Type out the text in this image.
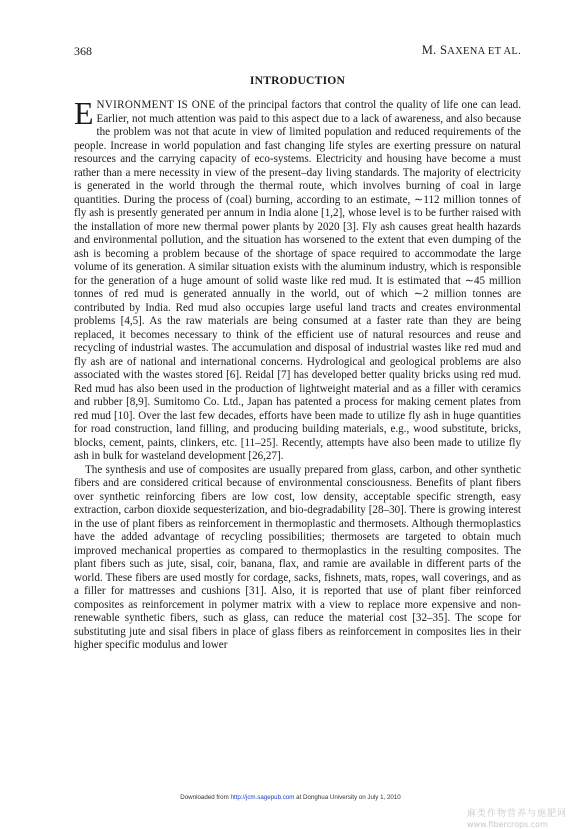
368	M. SAXENA ET AL.
INTRODUCTION

ENVIRONMENT IS ONE of the principal factors that control the quality of life one can lead. Earlier, not much attention was paid to this aspect due to a lack of awareness, and also because the problem was not that acute in view of limited population and reduced requirements of the people. Increase in world population and fast changing life styles are exerting pressure on natural resources and the carrying capacity of eco-systems. Electricity and housing have become a must rather than a mere necessity in view of the present–day living standards. The majority of electricity is generated in the world through the thermal route, which involves burning of coal in large quantities. During the process of (coal) burning, according to an estimate, ∼112 million tonnes of fly ash is presently generated per annum in India alone [1,2], whose level is to be further raised with the installation of more new thermal power plants by 2020 [3]. Fly ash causes great health hazards and environmental pollution, and the situation has worsened to the extent that even dumping of the ash is becoming a problem because of the shortage of space required to accommodate the large volume of its generation. A similar situation exists with the aluminum industry, which is responsible for the generation of a huge amount of solid waste like red mud. It is estimated that ∼45 million tonnes of red mud is generated annually in the world, out of which ∼2 million tonnes are contributed by India. Red mud also occupies large useful land tracts and creates environmental problems [4,5]. As the raw materials are being consumed at a faster rate than they are being replaced, it becomes necessary to think of the efficient use of natural resources and reuse and recycling of industrial wastes. The accumulation and disposal of industrial wastes like red mud and fly ash are of national and international concerns. Hydrological and geological problems are also associated with the wastes stored [6]. Reidal [7] has developed better quality bricks using red mud. Red mud has also been used in the production of lightweight material and as a filler with ceramics and rubber [8,9]. Sumitomo Co. Ltd., Japan has patented a process for making cement plates from red mud [10]. Over the last few decades, efforts have been made to utilize fly ash in huge quantities for road construction, land filling, and producing building materials, e.g., wood substitute, bricks, blocks, cement, paints, clinkers, etc. [11–25]. Recently, attempts have also been made to utilize fly ash in bulk for wasteland development [26,27].

The synthesis and use of composites are usually prepared from glass, carbon, and other synthetic fibers and are considered critical because of environmental consciousness. Benefits of plant fibers over synthetic reinforcing fibers are low cost, low density, acceptable specific strength, easy extraction, carbon dioxide sequesterization, and bio-degradability [28–30]. There is growing interest in the use of plant fibers as reinforcement in thermoplastic and thermosets. Although thermoplastics have the added advantage of recycling possibilities; thermosets are targeted to obtain much improved mechanical properties as compared to thermoplastics in the resulting composites. The plant fibers such as jute, sisal, coir, banana, flax, and ramie are available in different parts of the world. These fibers are used mostly for cordage, sacks, fishnets, mats, ropes, wall coverings, and as a filler for mattresses and cushions [31]. Also, it is reported that use of plant fiber reinforced composites as reinforcement in polymer matrix with a view to replace more expensive and non-renewable synthetic fibers, such as glass, can reduce the material cost [32–35]. The scope for substituting jute and sisal fibers in place of glass fibers as reinforcement in composites lies in their higher specific modulus and lower

Downloaded from http://jcm.sagepub.com at Donghua University on July 1, 2010
麻类作物营养与施肥网
www.fibercrops.com
